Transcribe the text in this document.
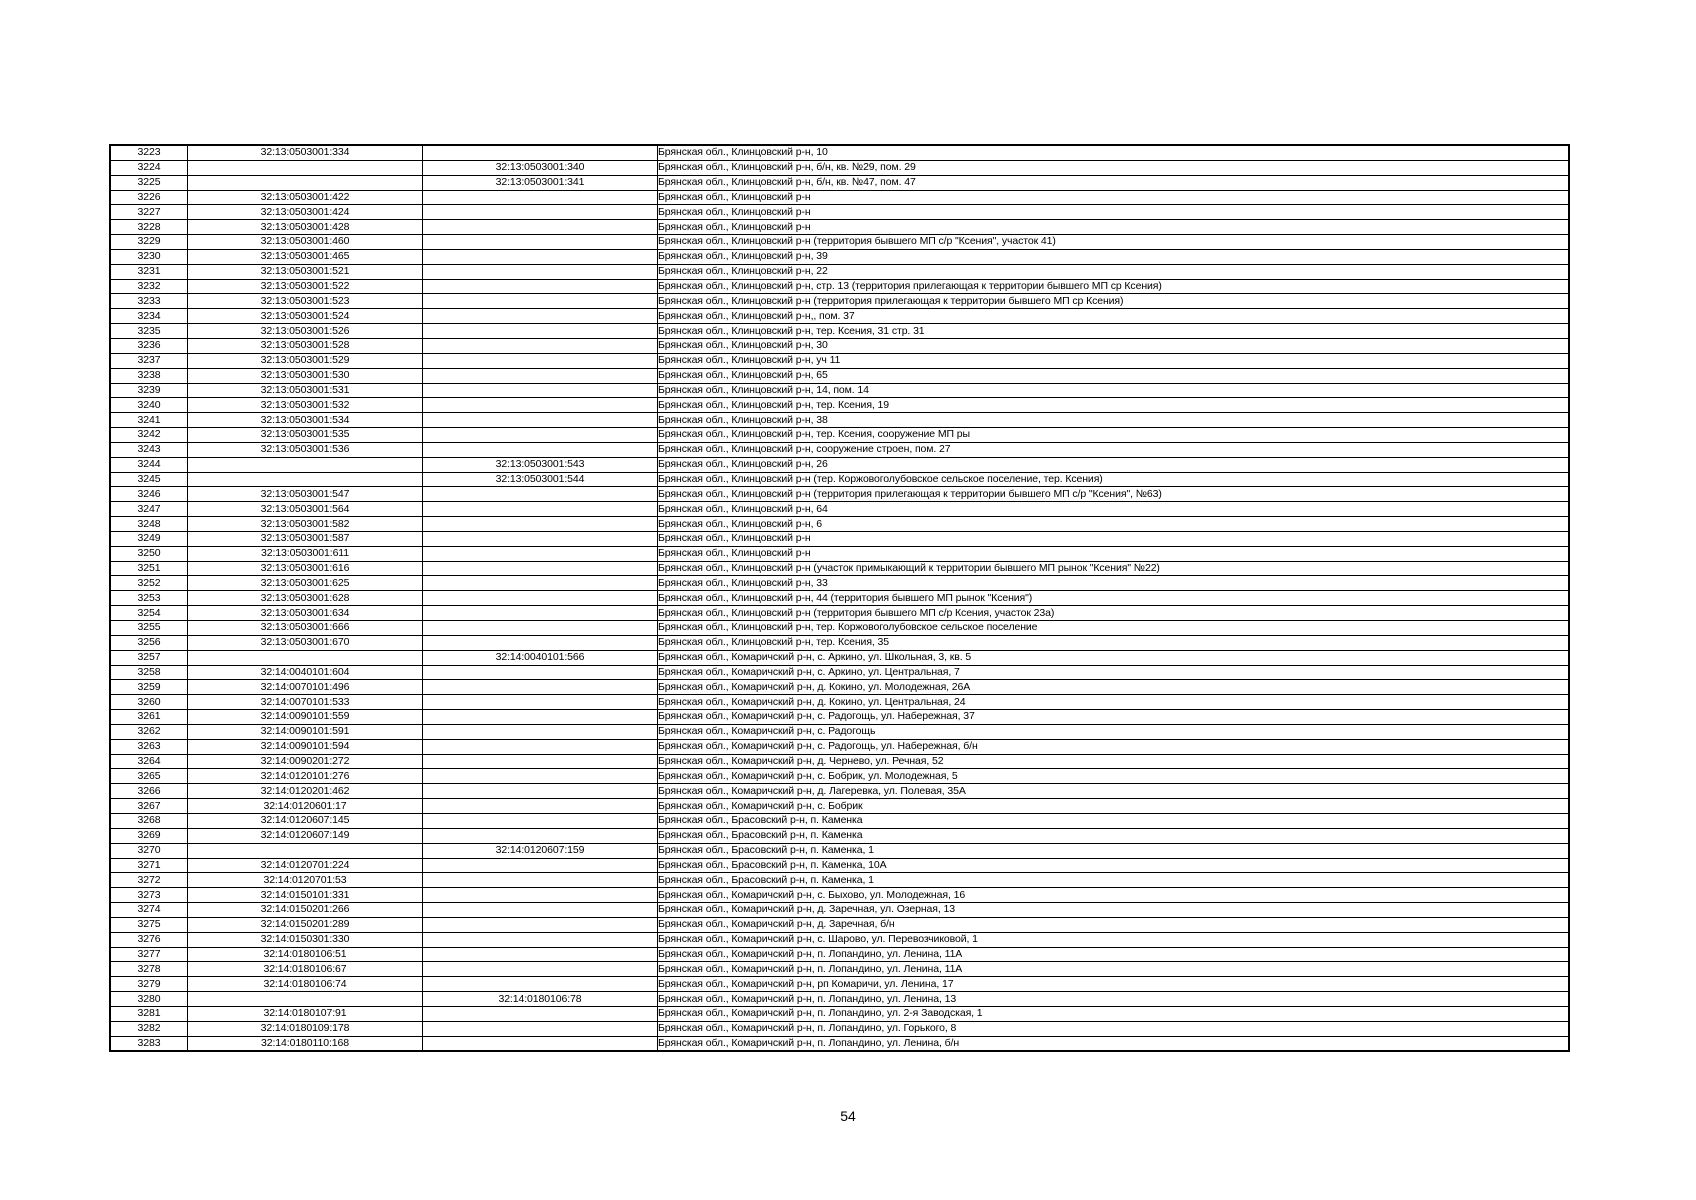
3223	32:13:0503001:334		Брянская обл., Клинцовский р-н, 10
3224		32:13:0503001:340	Брянская обл., Клинцовский р-н, б/н, кв. №29, пом. 29
3225		32:13:0503001:341	Брянская обл., Клинцовский р-н, б/н, кв. №47, пом. 47
3226	32:13:0503001:422		Брянская обл., Клинцовский р-н
3227	32:13:0503001:424		Брянская обл., Клинцовский р-н
3228	32:13:0503001:428		Брянская обл., Клинцовский р-н
3229	32:13:0503001:460		Брянская обл., Клинцовский р-н (территория бывшего МП с/р "Ксения", участок 41)
3230	32:13:0503001:465		Брянская обл., Клинцовский р-н, 39
3231	32:13:0503001:521		Брянская обл., Клинцовский р-н, 22
3232	32:13:0503001:522		Брянская обл., Клинцовский р-н, стр. 13 (территория прилегающая к территории бывшего МП ср Ксения)
3233	32:13:0503001:523		Брянская обл., Клинцовский р-н (территория прилегающая к территории бывшего МП ср Ксения)
3234	32:13:0503001:524		Брянская обл., Клинцовский р-н,, пом. 37
3235	32:13:0503001:526		Брянская обл., Клинцовский р-н, тер. Ксения, 31 стр. 31
3236	32:13:0503001:528		Брянская обл., Клинцовский р-н, 30
3237	32:13:0503001:529		Брянская обл., Клинцовский р-н, уч 11
3238	32:13:0503001:530		Брянская обл., Клинцовский р-н, 65
3239	32:13:0503001:531		Брянская обл., Клинцовский р-н, 14, пом. 14
3240	32:13:0503001:532		Брянская обл., Клинцовский р-н, тер. Ксения, 19
3241	32:13:0503001:534		Брянская обл., Клинцовский р-н, 38
3242	32:13:0503001:535		Брянская обл., Клинцовский р-н, тер. Ксения, сооружение МП ры
3243	32:13:0503001:536		Брянская обл., Клинцовский р-н, сооружение строен, пом. 27
3244		32:13:0503001:543	Брянская обл., Клинцовский р-н, 26
3245		32:13:0503001:544	Брянская обл., Клинцовский р-н (тер. Коржовоголубовское сельское поселение, тер. Ксения)
3246	32:13:0503001:547		Брянская обл., Клинцовский р-н (территория прилегающая к территории бывшего МП с/р "Ксения", №63)
3247	32:13:0503001:564		Брянская обл., Клинцовский р-н, 64
3248	32:13:0503001:582		Брянская обл., Клинцовский р-н, 6
3249	32:13:0503001:587		Брянская обл., Клинцовский р-н
3250	32:13:0503001:611		Брянская обл., Клинцовский р-н
3251	32:13:0503001:616		Брянская обл., Клинцовский р-н (участок примыкающий к территории бывшего МП рынок "Ксения" №22)
3252	32:13:0503001:625		Брянская обл., Клинцовский р-н, 33
3253	32:13:0503001:628		Брянская обл., Клинцовский р-н, 44 (территория бывшего МП рынок "Ксения")
3254	32:13:0503001:634		Брянская обл., Клинцовский р-н (территория бывшего МП с/р Ксения, участок 23а)
3255	32:13:0503001:666		Брянская обл., Клинцовский р-н, тер. Коржовоголубовское сельское поселение
3256	32:13:0503001:670		Брянская обл., Клинцовский р-н, тер. Ксения, 35
3257		32:14:0040101:566	Брянская обл., Комаричский р-н, с. Аркино, ул. Школьная, 3, кв. 5
3258	32:14:0040101:604		Брянская обл., Комаричский р-н, с. Аркино, ул. Центральная, 7
3259	32:14:0070101:496		Брянская обл., Комаричский р-н, д. Кокино, ул. Молодежная, 26А
3260	32:14:0070101:533		Брянская обл., Комаричский р-н, д. Кокино, ул. Центральная, 24
3261	32:14:0090101:559		Брянская обл., Комаричский р-н, с. Радогощь, ул. Набережная, 37
3262	32:14:0090101:591		Брянская обл., Комаричский р-н, с. Радогощь
3263	32:14:0090101:594		Брянская обл., Комаричский р-н, с. Радогощь, ул. Набережная, б/н
3264	32:14:0090201:272		Брянская обл., Комаричский р-н, д. Чернево, ул. Речная, 52
3265	32:14:0120101:276		Брянская обл., Комаричский р-н, с. Бобрик, ул. Молодежная, 5
3266	32:14:0120201:462		Брянская обл., Комаричский р-н, д. Лагеревка, ул. Полевая, 35А
3267	32:14:0120601:17		Брянская обл., Комаричский р-н, с. Бобрик
3268	32:14:0120607:145		Брянская обл., Брасовский р-н, п. Каменка
3269	32:14:0120607:149		Брянская обл., Брасовский р-н, п. Каменка
3270		32:14:0120607:159	Брянская обл., Брасовский р-н, п. Каменка, 1
3271	32:14:0120701:224		Брянская обл., Брасовский р-н, п. Каменка, 10А
3272	32:14:0120701:53		Брянская обл., Брасовский р-н, п. Каменка, 1
3273	32:14:0150101:331		Брянская обл., Комаричский р-н, с. Быхово, ул. Молодежная, 16
3274	32:14:0150201:266		Брянская обл., Комаричский р-н, д. Заречная, ул. Озерная, 13
3275	32:14:0150201:289		Брянская обл., Комаричский р-н, д. Заречная, б/н
3276	32:14:0150301:330		Брянская обл., Комаричский р-н, с. Шарово, ул. Перевозчиковой, 1
3277	32:14:0180106:51		Брянская обл., Комаричский р-н, п. Лопандино, ул. Ленина, 11А
3278	32:14:0180106:67		Брянская обл., Комаричский р-н, п. Лопандино, ул. Ленина, 11А
3279	32:14:0180106:74		Брянская обл., Комаричский р-н, рп Комаричи, ул. Ленина, 17
3280		32:14:0180106:78	Брянская обл., Комаричский р-н, п. Лопандино, ул. Ленина, 13
3281	32:14:0180107:91		Брянская обл., Комаричский р-н, п. Лопандино, ул. 2-я Заводская, 1
3282	32:14:0180109:178		Брянская обл., Комаричский р-н, п. Лопандино, ул. Горького, 8
3283	32:14:0180110:168		Брянская обл., Комаричский р-н, п. Лопандино, ул. Ленина, б/н
54
